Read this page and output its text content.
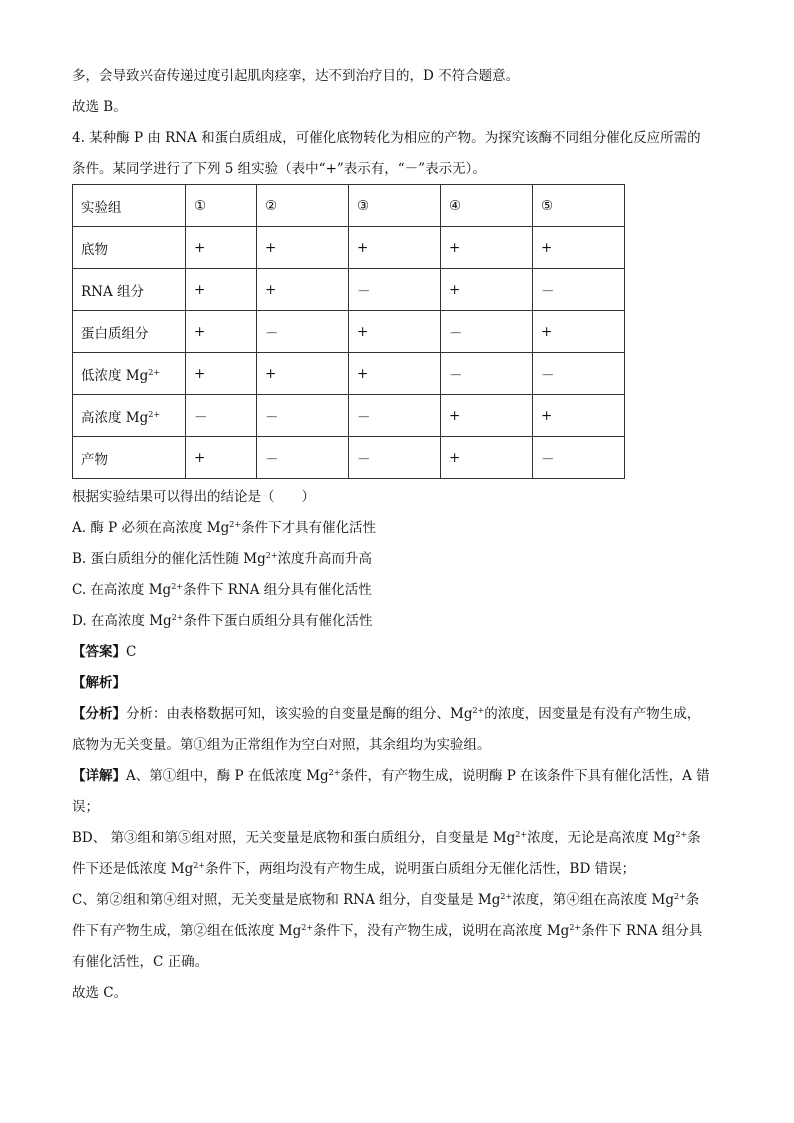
多，会导致兴奋传递过度引起肌肉痉挛，达不到治疗目的，D 不符合题意。
故选 B。
4. 某种酶 P 由 RNA 和蛋白质组成，可催化底物转化为相应的产物。为探究该酶不同组分催化反应所需的
条件。某同学进行了下列 5 组实验（表中“+”表示有，“－”表示无）。
实验组	①	②	③	④	⑤
底物	+	+	+	+	+
RNA 组分	+	+	－	+	－
蛋白质组分	+	－	+	－	+
低浓度 $Mg^{2+}$	+	+	+	－	－
高浓度 $Mg^{2+}$	－	－	－	+	+
产物	+	－	－	+	－
根据实验结果可以得出的结论是（　　）
A. 酶 P 必须在高浓度 $Mg^{2+}$条件下才具有催化活性
B. 蛋白质组分的催化活性随 $Mg^{2+}$浓度升高而升高
C. 在高浓度 $Mg^{2+}$条件下 RNA 组分具有催化活性
D. 在高浓度 $Mg^{2+}$条件下蛋白质组分具有催化活性
【答案】C
【解析】
【分析】分析：由表格数据可知，该实验的自变量是酶的组分、$Mg^{2+}$的浓度，因变量是有没有产物生成，
底物为无关变量。第①组为正常组作为空白对照，其余组均为实验组。
【详解】A、第①组中，酶 P 在低浓度 $Mg^{2+}$条件，有产物生成，说明酶 P 在该条件下具有催化活性，A 错
误；
BD、 第③组和第⑤组对照，无关变量是底物和蛋白质组分，自变量是 $Mg^{2+}$浓度，无论是高浓度 $Mg^{2+}$条
件下还是低浓度 $Mg^{2+}$条件下，两组均没有产物生成，说明蛋白质组分无催化活性，BD 错误；
C、第②组和第④组对照，无关变量是底物和 RNA 组分，自变量是 $Mg^{2+}$浓度，第④组在高浓度 $Mg^{2+}$条
件下有产物生成，第②组在低浓度 $Mg^{2+}$条件下，没有产物生成，说明在高浓度 $Mg^{2+}$条件下 RNA 组分具
有催化活性，C 正确。
故选 C。
